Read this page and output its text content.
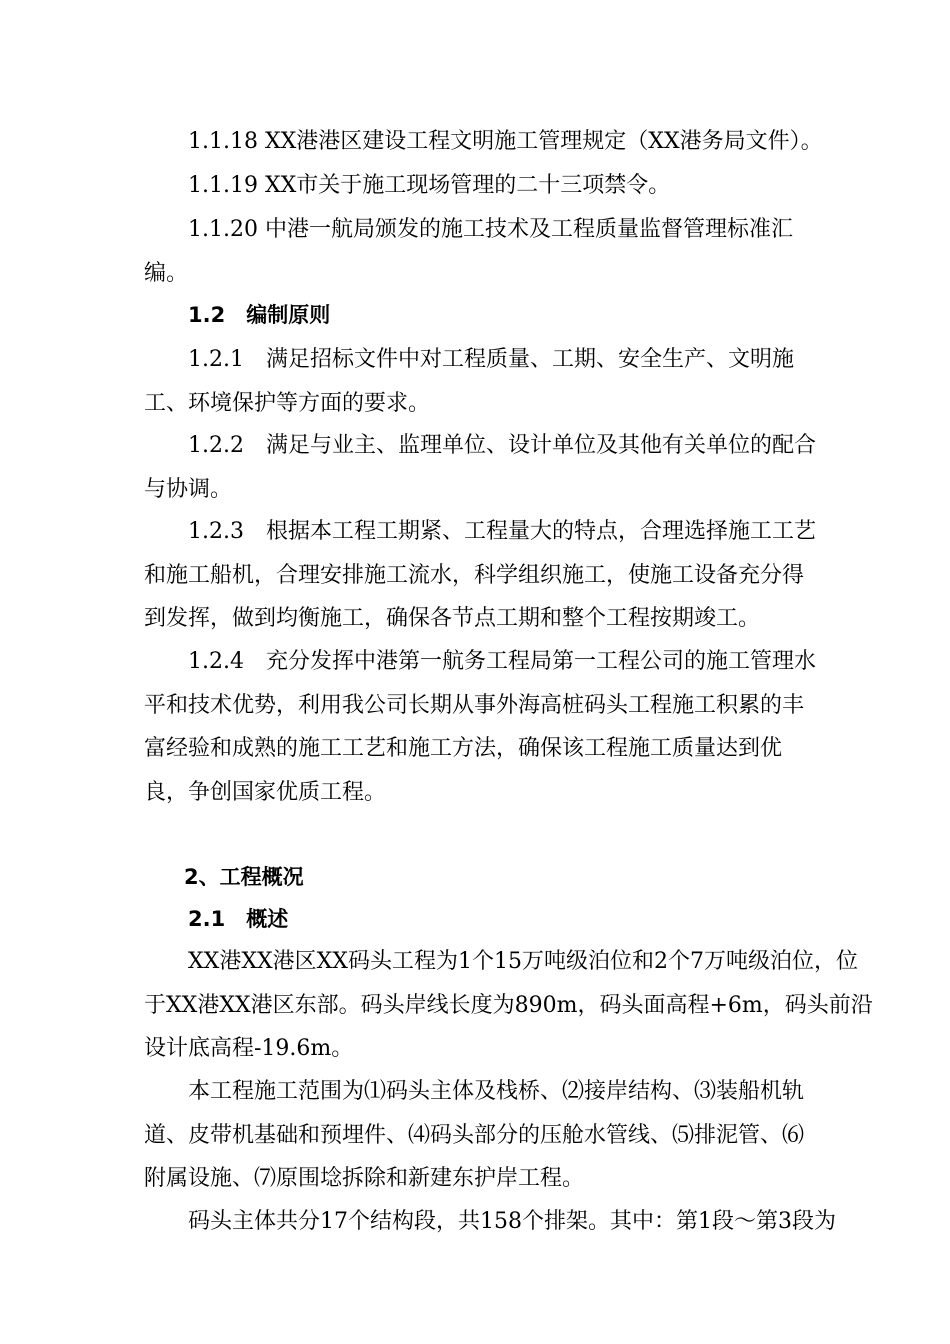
1.1.18 XX港港区建设工程文明施工管理规定（XX港务局文件）。

1.1.19 XX市关于施工现场管理的二十三项禁令。

1.1.20 中港一航局颁发的施工技术及工程质量监督管理标准汇
编。

1.2　编制原则

1.2.1　满足招标文件中对工程质量、工期、安全生产、文明施
工、环境保护等方面的要求。

1.2.2　满足与业主、监理单位、设计单位及其他有关单位的配合
与协调。

1.2.3　根据本工程工期紧、工程量大的特点，合理选择施工工艺
和施工船机，合理安排施工流水，科学组织施工，使施工设备充分得
到发挥，做到均衡施工，确保各节点工期和整个工程按期竣工。

1.2.4　充分发挥中港第一航务工程局第一工程公司的施工管理水
平和技术优势，利用我公司长期从事外海高桩码头工程施工积累的丰
富经验和成熟的施工工艺和施工方法，确保该工程施工质量达到优
良，争创国家优质工程。

2、工程概况

2.1　概述

XX港XX港区XX码头工程为1个15万吨级泊位和2个7万吨级泊位，位
于XX港XX港区东部。码头岸线长度为890m，码头面高程+6m，码头前沿
设计底高程-19.6m。

本工程施工范围为⑴码头主体及栈桥、⑵接岸结构、⑶装船机轨
道、皮带机基础和预埋件、⑷码头部分的压舱水管线、⑸排泥管、⑹
附属设施、⑺原围埝拆除和新建东护岸工程。

码头主体共分17个结构段，共158个排架。其中：第1段～第3段为
